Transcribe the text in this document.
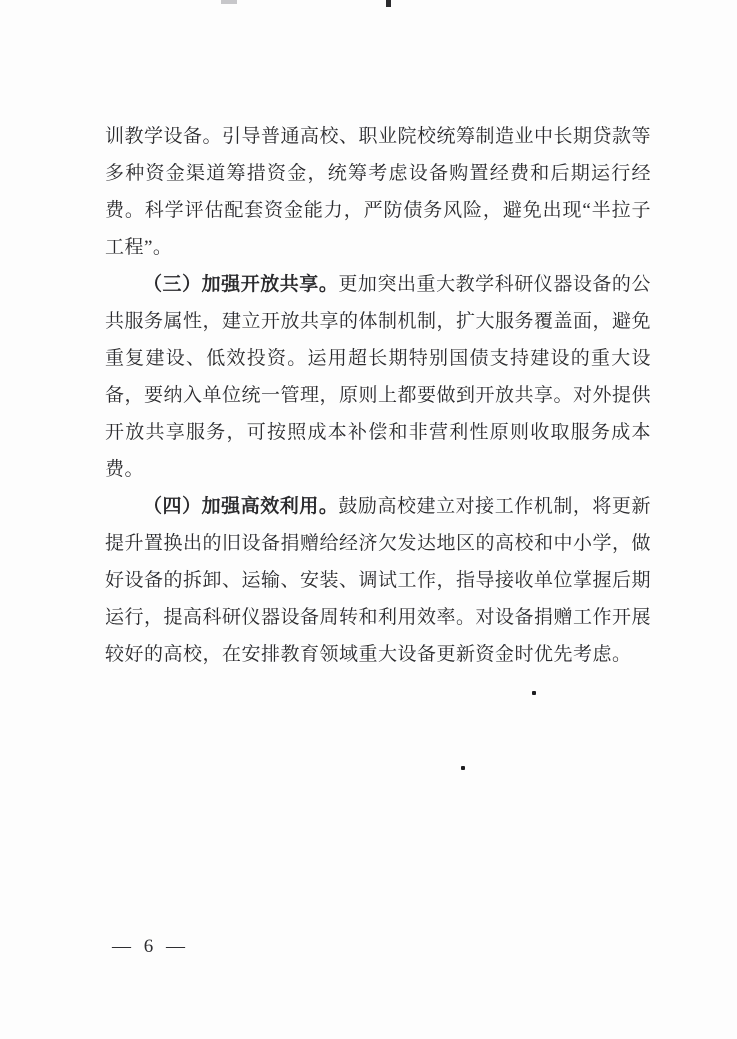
训教学设备。引导普通高校、职业院校统筹制造业中长期贷款等多种资金渠道筹措资金，统筹考虑设备购置经费和后期运行经费。科学评估配套资金能力，严防债务风险，避免出现“半拉子工程”。

（三）加强开放共享。更加突出重大教学科研仪器设备的公共服务属性，建立开放共享的体制机制，扩大服务覆盖面，避免重复建设、低效投资。运用超长期特别国债支持建设的重大设备，要纳入单位统一管理，原则上都要做到开放共享。对外提供开放共享服务，可按照成本补偿和非营利性原则收取服务成本费。

（四）加强高效利用。鼓励高校建立对接工作机制，将更新提升置换出的旧设备捐赠给经济欠发达地区的高校和中小学，做好设备的拆卸、运输、安装、调试工作，指导接收单位掌握后期运行，提高科研仪器设备周转和利用效率。对设备捐赠工作开展较好的高校，在安排教育领域重大设备更新资金时优先考虑。

— 6 —
